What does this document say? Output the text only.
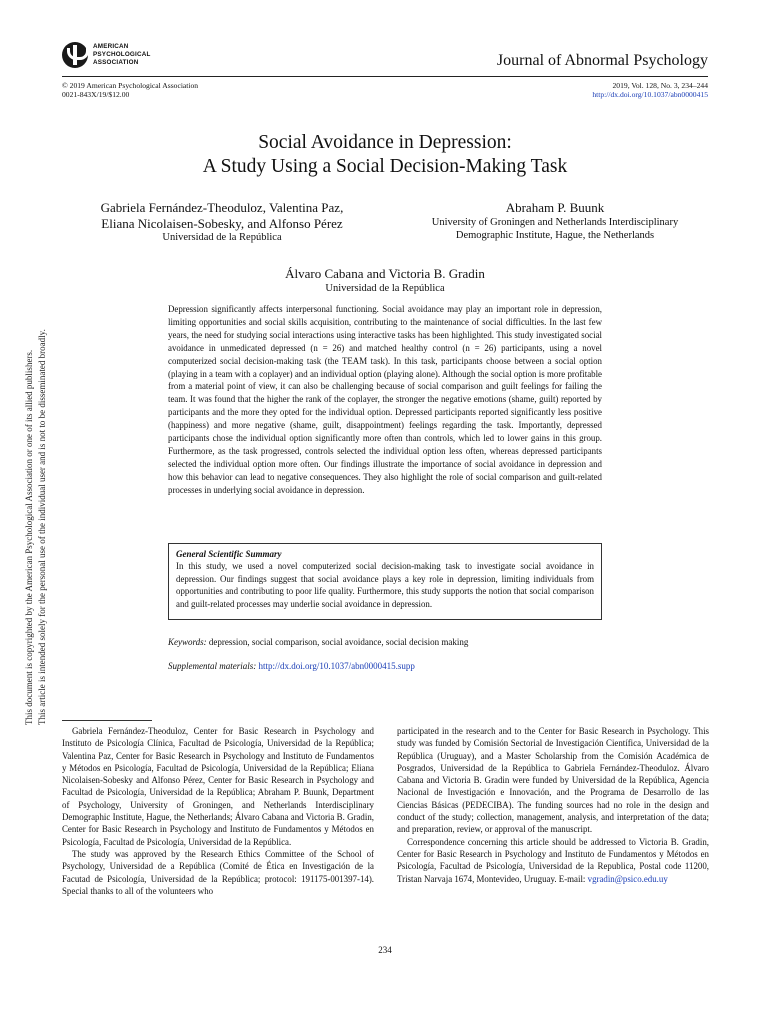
AMERICAN
PSYCHOLOGICAL
ASSOCIATION	Journal of Abnormal Psychology
© 2019 American Psychological Association
0021-843X/19/$12.00
2019, Vol. 128, No. 3, 234–244
http://dx.doi.org/10.1037/abn0000415
Social Avoidance in Depression:
A Study Using a Social Decision-Making Task
Gabriela Fernández-Theoduloz, Valentina Paz,
Eliana Nicolaisen-Sobesky, and Alfonso Pérez
Universidad de la República
Abraham P. Buunk
University of Groningen and Netherlands Interdisciplinary
Demographic Institute, Hague, the Netherlands
Álvaro Cabana and Victoria B. Gradin
Universidad de la República
Depression significantly affects interpersonal functioning. Social avoidance may play an important role in depression, limiting opportunities and social skills acquisition, contributing to the maintenance of social difficulties. In the last few years, the need for studying social interactions using interactive tasks has been highlighted. This study investigated social avoidance in unmedicated depressed (n = 26) and matched healthy control (n = 26) participants, using a novel computerized social decision-making task (the TEAM task). In this task, participants choose between a social option (playing in a team with a coplayer) and an individual option (playing alone). Although the social option is more profitable from a material point of view, it can also be challenging because of social comparison and guilt feelings for failing the team. It was found that the higher the rank of the coplayer, the stronger the negative emotions (shame, guilt) reported by participants and the more they opted for the individual option. Depressed participants reported significantly less positive (happiness) and more negative (shame, guilt, disappointment) feelings regarding the task. Importantly, depressed participants chose the individual option significantly more often than controls, which led to lower gains in this group. Furthermore, as the task progressed, controls selected the individual option less often, whereas depressed participants selected the individual option more often. Our findings illustrate the importance of social avoidance in depression and how this behavior can lead to negative consequences. They also highlight the role of social comparison and guilt-related processes in underlying social avoidance in depression.
General Scientific Summary
In this study, we used a novel computerized social decision-making task to investigate social avoidance in depression. Our findings suggest that social avoidance plays a key role in depression, limiting individuals from opportunities and contributing to poor life quality. Furthermore, this study supports the notion that social comparison and guilt-related processes may underlie social avoidance in depression.
Keywords: depression, social comparison, social avoidance, social decision making
Supplemental materials: http://dx.doi.org/10.1037/abn0000415.supp

Gabriela Fernández-Theoduloz, Center for Basic Research in Psychology and Instituto de Psicología Clínica, Facultad de Psicología, Universidad de la República; Valentina Paz, Center for Basic Research in Psychology and Instituto de Fundamentos y Métodos en Psicología, Facultad de Psicología, Universidad de la República; Eliana Nicolaisen-Sobesky and Alfonso Pérez, Center for Basic Research in Psychology and Facultad de Psicología, Universidad de la República; Abraham P. Buunk, Department of Psychology, University of Groningen, and Netherlands Interdisciplinary Demographic Institute, Hague, the Netherlands; Álvaro Cabana and Victoria B. Gradin, Center for Basic Research in Psychology and Instituto de Fundamentos y Métodos en Psicología, Facultad de Psicología, Universidad de la República.

The study was approved by the Research Ethics Committee of the School of Psychology, Universidad de a República (Comité de Ética en Investigación de la Facutad de Psicología, Universidad de la República; protocol: 191175-001397-14). Special thanks to all of the volunteers who

participated in the research and to the Center for Basic Research in Psychology. This study was funded by Comisión Sectorial de Investigación Científica, Universidad de la República (Uruguay), and a Master Scholarship from the Comisión Académica de Posgrados, Universidad de la República to Gabriela Fernández-Theoduloz. Álvaro Cabana and Victoria B. Gradin were funded by Universidad de la República, Agencia Nacional de Investigación e Innovación, and the Programa de Desarrollo de las Ciencias Básicas (PEDECIBA). The funding sources had no role in the design and conduct of the study; collection, management, analysis, and interpretation of the data; and preparation, review, or approval of the manuscript.

Correspondence concerning this article should be addressed to Victoria B. Gradin, Center for Basic Research in Psychology and Instituto de Fundamentos y Métodos en Psicología, Facultad de Psicología, Universidad de la Republica, Postal code 11200, Tristan Narvaja 1674, Montevideo, Uruguay. E-mail: vgradin@psico.edu.uy

234
This document is copyrighted by the American Psychological Association or one of its allied publishers. This article is intended solely for the personal use of the individual user and is not to be disseminated broadly.
